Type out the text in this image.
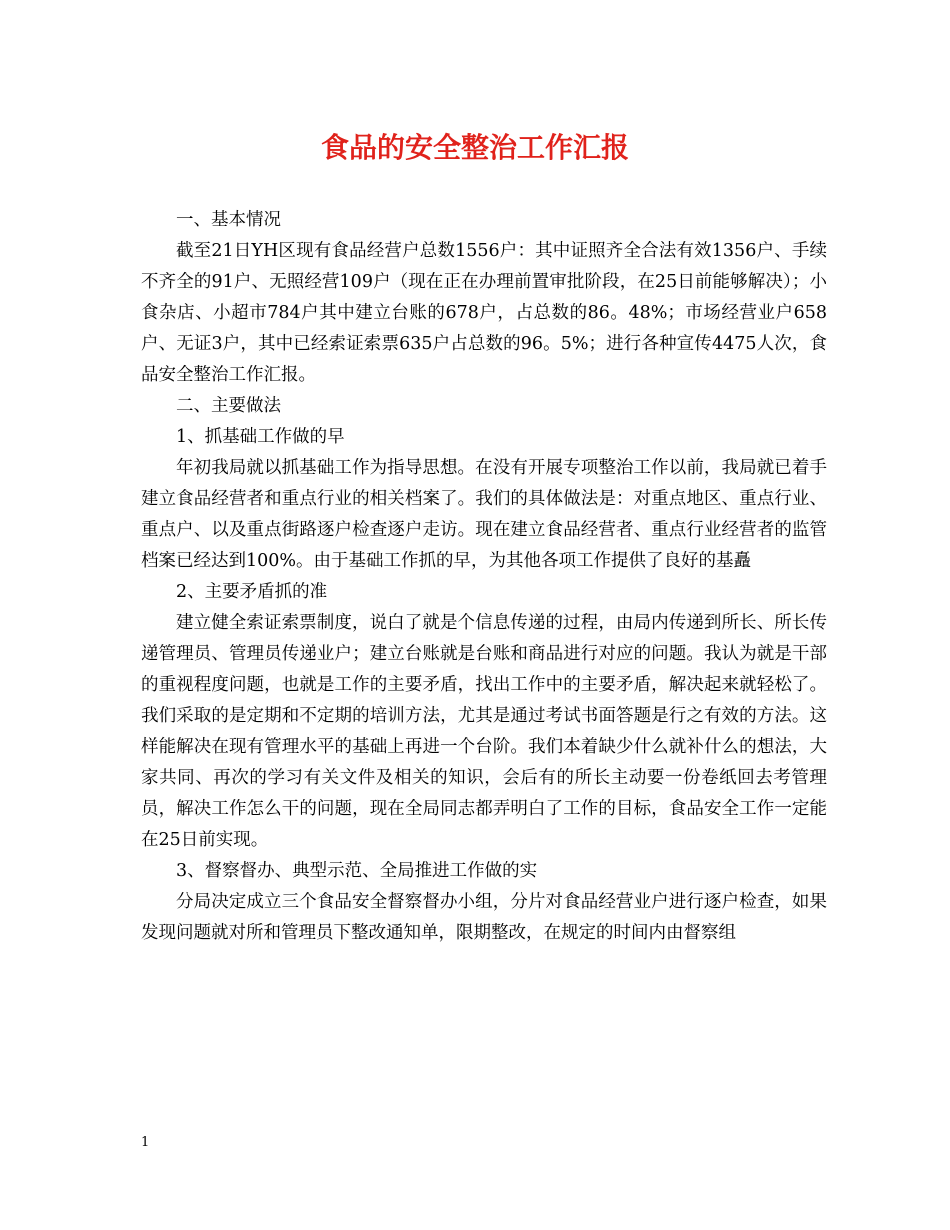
食品的安全整治工作汇报
一、基本情况
截至21日YH区现有食品经营户总数1556户：其中证照齐全合法有效1356户、手续不齐全的91户、无照经营109户（现在正在办理前置审批阶段，在25日前能够解决）；小食杂店、小超市784户其中建立台账的678户，占总数的86。48%；市场经营业户658户、无证3户，其中已经索证索票635户占总数的96。5%；进行各种宣传4475人次，食品安全整治工作汇报。
二、主要做法
1、抓基础工作做的早
年初我局就以抓基础工作为指导思想。在没有开展专项整治工作以前，我局就已着手建立食品经营者和重点行业的相关档案了。我们的具体做法是：对重点地区、重点行业、重点户、以及重点街路逐户检查逐户走访。现在建立食品经营者、重点行业经营者的监管档案已经达到100%。由于基础工作抓的早，为其他各项工作提供了良好的基矗
2、主要矛盾抓的准
建立健全索证索票制度，说白了就是个信息传递的过程，由局内传递到所长、所长传递管理员、管理员传递业户；建立台账就是台账和商品进行对应的问题。我认为就是干部的重视程度问题，也就是工作的主要矛盾，找出工作中的主要矛盾，解决起来就轻松了。我们采取的是定期和不定期的培训方法，尤其是通过考试书面答题是行之有效的方法。这样能解决在现有管理水平的基础上再进一个台阶。我们本着缺少什么就补什么的想法，大家共同、再次的学习有关文件及相关的知识，会后有的所长主动要一份卷纸回去考管理员，解决工作怎么干的问题，现在全局同志都弄明白了工作的目标，食品安全工作一定能在25日前实现。
3、督察督办、典型示范、全局推进工作做的实
分局决定成立三个食品安全督察督办小组，分片对食品经营业户进行逐户检查，如果发现问题就对所和管理员下整改通知单，限期整改，在规定的时间内由督察组
1
